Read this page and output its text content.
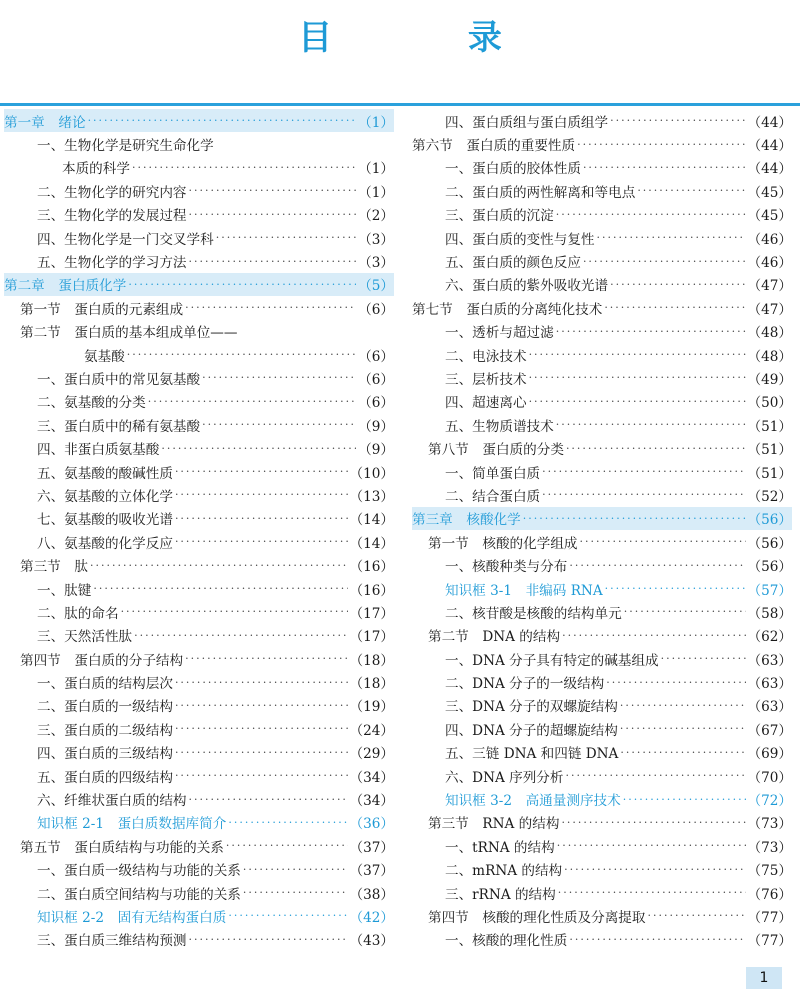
目 录
第一章　绪论 ·····	（1）
一、生物化学是研究生命化学
本质的科学 ·····	（1）
二、生物化学的研究内容 ·····	（1）
三、生物化学的发展过程 ·····	（2）
四、生物化学是一门交叉学科 ·····	（3）
五、生物化学的学习方法 ·····	（3）
第二章　蛋白质化学 ·····	（5）
第一节　蛋白质的元素组成 ·····	（6）
第二节　蛋白质的基本组成单位——
氨基酸 ·····	（6）
一、蛋白质中的常见氨基酸 ·····	（6）
二、氨基酸的分类 ·····	（6）
三、蛋白质中的稀有氨基酸 ·····	（9）
四、非蛋白质氨基酸 ·····	（9）
五、氨基酸的酸碱性质 ·····	（10）
六、氨基酸的立体化学 ·····	（13）
七、氨基酸的吸收光谱 ·····	（14）
八、氨基酸的化学反应 ·····	（14）
第三节　肽 ·····	（16）
一、肽键 ·····	（16）
二、肽的命名 ·····	（17）
三、天然活性肽 ·····	（17）
第四节　蛋白质的分子结构 ·····	（18）
一、蛋白质的结构层次 ·····	（18）
二、蛋白质的一级结构 ·····	（19）
三、蛋白质的二级结构 ·····	（24）
四、蛋白质的三级结构 ·····	（29）
五、蛋白质的四级结构 ·····	（34）
六、纤维状蛋白质的结构 ·····	（34）
知识框 2-1　蛋白质数据库简介 ·····	（36）
第五节　蛋白质结构与功能的关系 ·····	（37）
一、蛋白质一级结构与功能的关系 ·····	（37）
二、蛋白质空间结构与功能的关系 ·····	（38）
知识框 2-2　固有无结构蛋白质 ·····	（42）
三、蛋白质三维结构预测 ·····	（43）
四、蛋白质组与蛋白质组学 ·····	（44）
第六节　蛋白质的重要性质 ·····	（44）
一、蛋白质的胶体性质 ·····	（44）
二、蛋白质的两性解离和等电点 ·····	（45）
三、蛋白质的沉淀 ·····	（45）
四、蛋白质的变性与复性 ·····	（46）
五、蛋白质的颜色反应 ·····	（46）
六、蛋白质的紫外吸收光谱 ·····	（47）
第七节　蛋白质的分离纯化技术 ·····	（47）
一、透析与超过滤 ·····	（48）
二、电泳技术 ·····	（48）
三、层析技术 ·····	（49）
四、超速离心 ·····	（50）
五、生物质谱技术 ·····	（51）
第八节　蛋白质的分类 ·····	（51）
一、简单蛋白质 ·····	（51）
二、结合蛋白质 ·····	（52）
第三章　核酸化学 ·····	（56）
第一节　核酸的化学组成 ·····	（56）
一、核酸种类与分布 ·····	（56）
知识框 3-1　非编码 RNA ·····	（57）
二、核苷酸是核酸的结构单元 ·····	（58）
第二节　DNA 的结构 ·····	（62）
一、DNA 分子具有特定的碱基组成 ·····	（63）
二、DNA 分子的一级结构 ·····	（63）
三、DNA 分子的双螺旋结构 ·····	（63）
四、DNA 分子的超螺旋结构 ·····	（67）
五、三链 DNA 和四链 DNA ·····	（69）
六、DNA 序列分析 ·····	（70）
知识框 3-2　高通量测序技术 ·····	（72）
第三节　RNA 的结构 ·····	（73）
一、tRNA 的结构 ·····	（73）
二、mRNA 的结构 ·····	（75）
三、rRNA 的结构 ·····	（76）
第四节　核酸的理化性质及分离提取 ·····	（77）
一、核酸的理化性质 ·····	（77）
1
